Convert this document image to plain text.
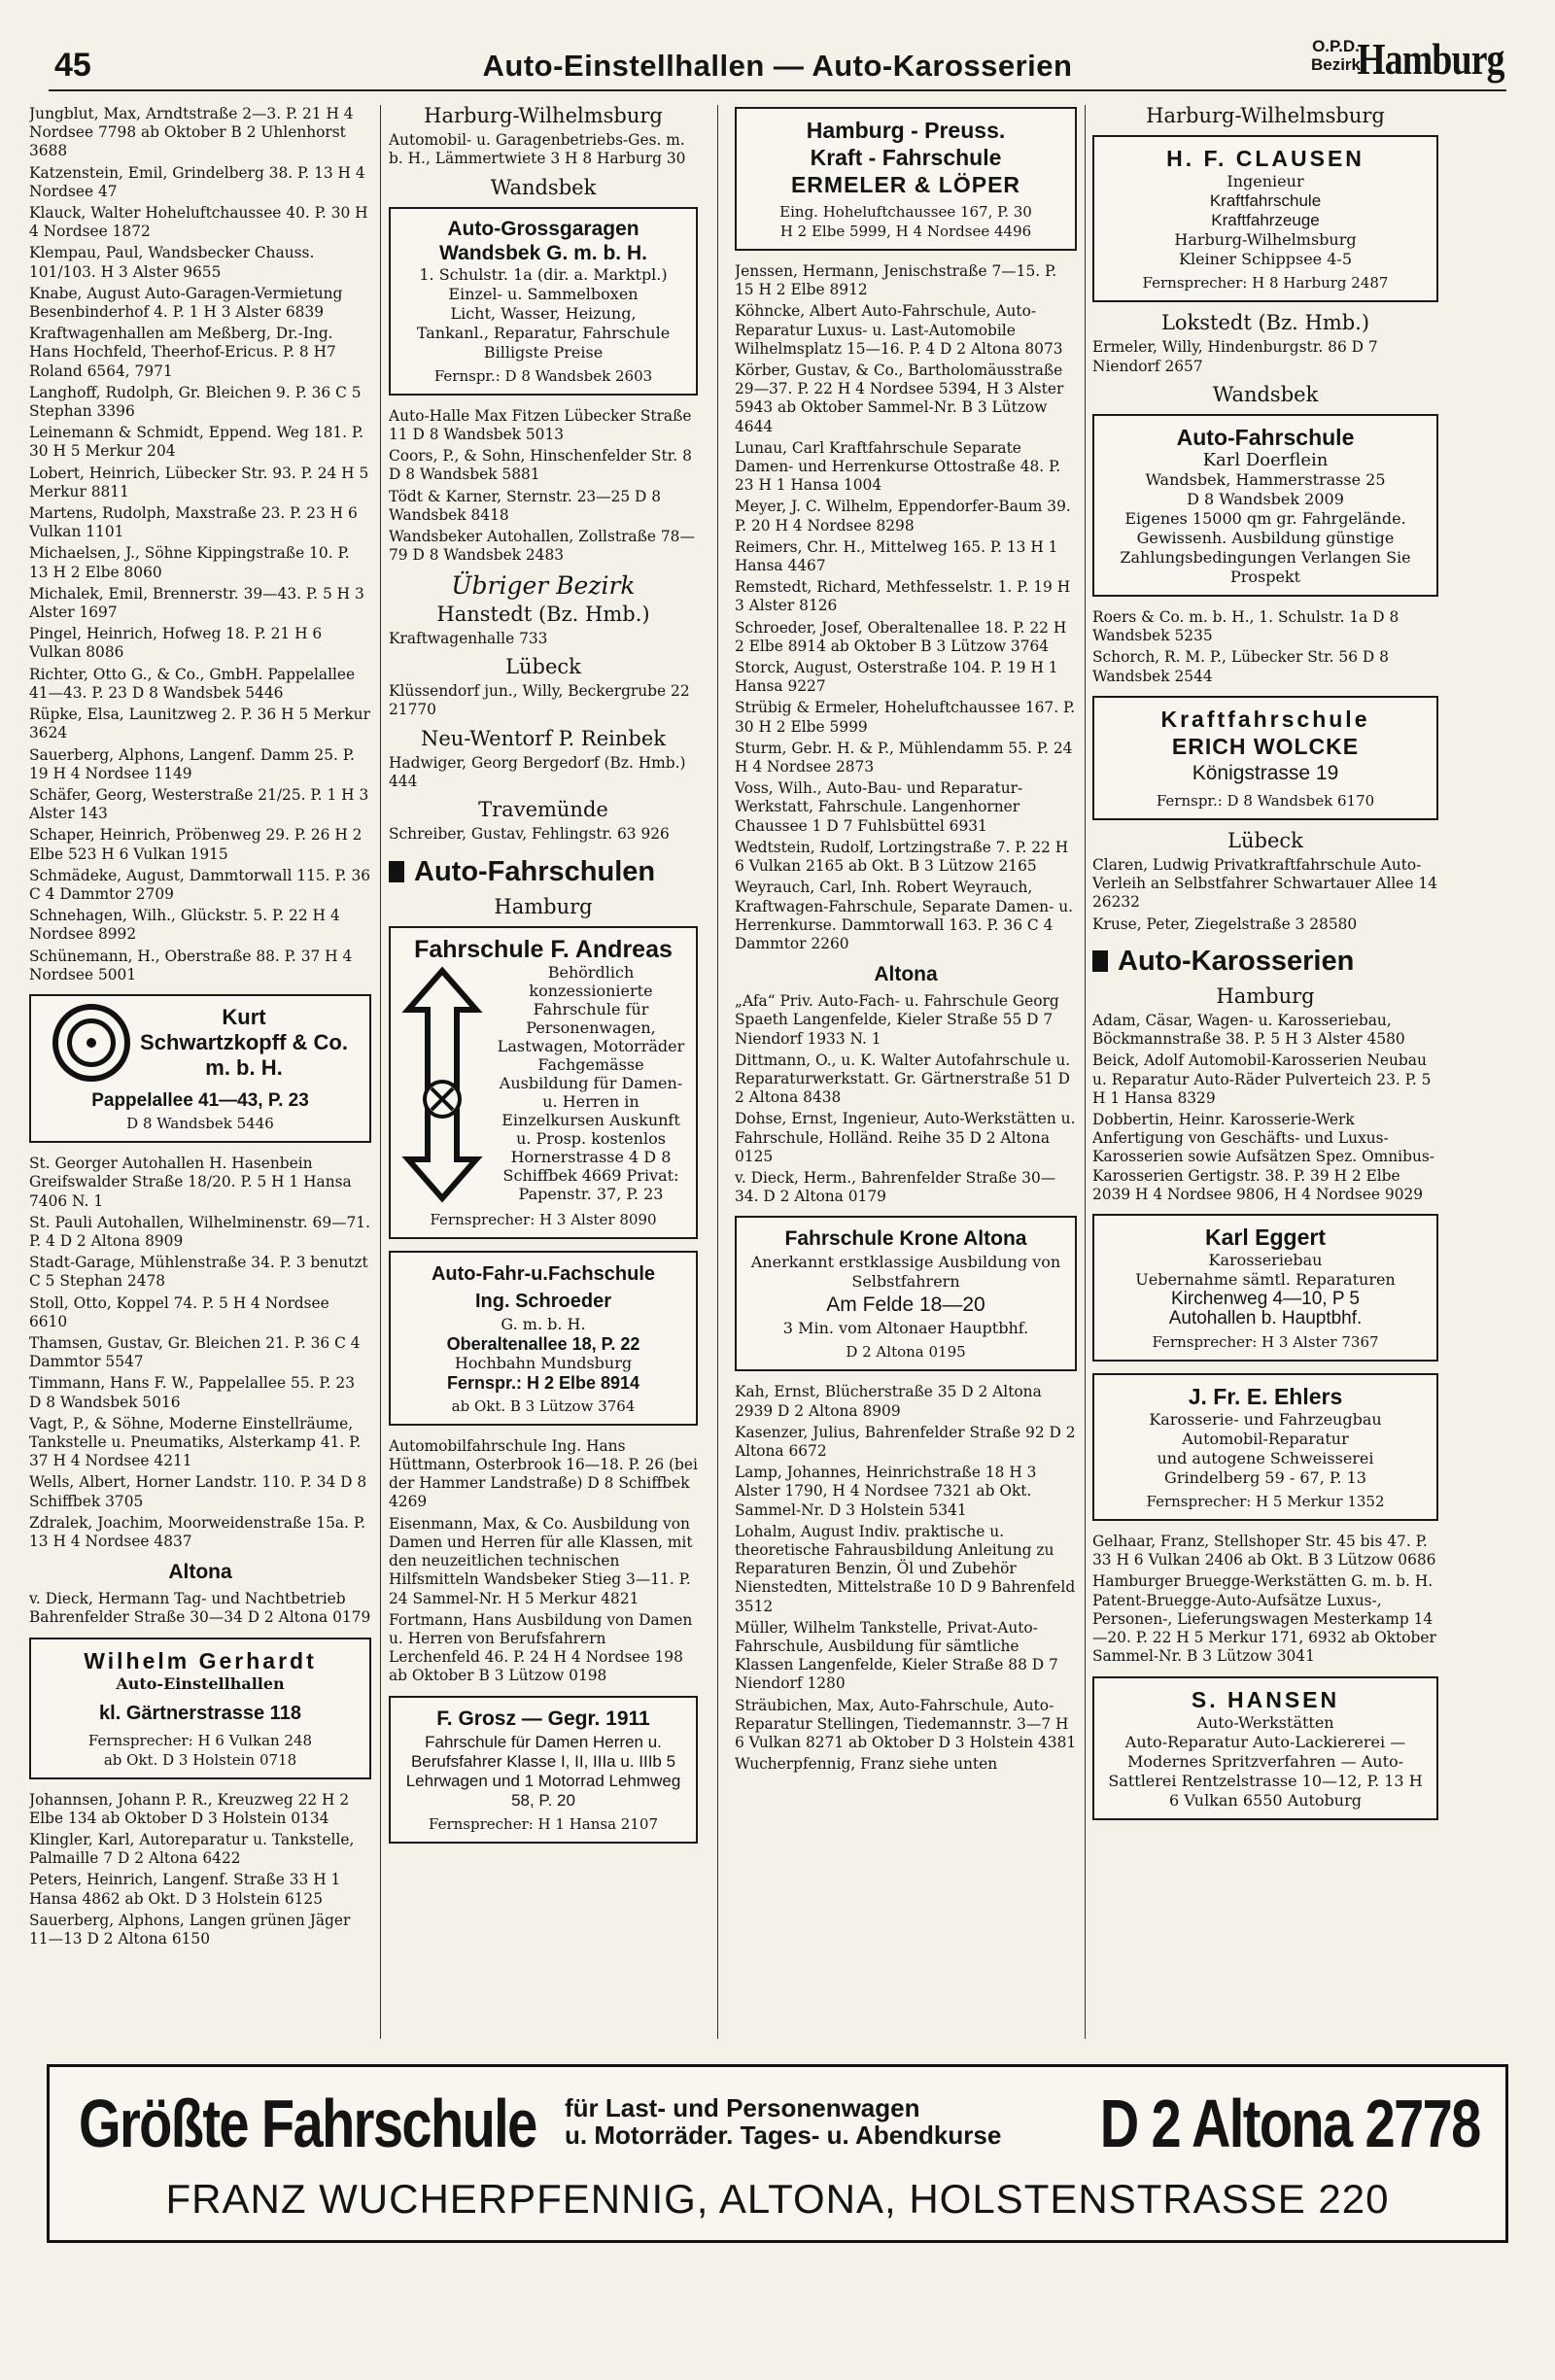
45	Auto-Einstellhallen — Auto-Karosserien
O.P.D.
Bezirk
Hamburg
Jungblut, Max, Arndtstraße 2—3. P. 21 H 4 Nordsee 7798 ab Oktober B 2 Uhlenhorst 3688
Katzenstein, Emil, Grindelberg 38. P. 13 H 4 Nordsee 47
Klauck, Walter Hoheluftchaussee 40. P. 30 H 4 Nordsee 1872
Klempau, Paul, Wandsbecker Chauss. 101/103. H 3 Alster 9655
Knabe, August Auto-Garagen-Vermietung Besenbinderhof 4. P. 1 H 3 Alster 6839
Kraftwagenhallen am Meßberg, Dr.-Ing. Hans Hochfeld, Theerhof-Ericus. P. 8 H7 Roland 6564, 7971
Langhoff, Rudolph, Gr. Bleichen 9. P. 36 C 5 Stephan 3396
Leinemann & Schmidt, Eppend. Weg 181. P. 30 H 5 Merkur 204
Lobert, Heinrich, Lübecker Str. 93. P. 24 H 5 Merkur 8811
Martens, Rudolph, Maxstraße 23. P. 23 H 6 Vulkan 1101
Michaelsen, J., Söhne Kippingstraße 10. P. 13 H 2 Elbe 8060
Michalek, Emil, Brennerstr. 39—43. P. 5 H 3 Alster 1697
Pingel, Heinrich, Hofweg 18. P. 21 H 6 Vulkan 8086
Richter, Otto G., & Co., GmbH. Pappelallee 41—43. P. 23 D 8 Wandsbek 5446
Rüpke, Elsa, Launitzweg 2. P. 36 H 5 Merkur 3624
Sauerberg, Alphons, Langenf. Damm 25. P. 19 H 4 Nordsee 1149
Schäfer, Georg, Westerstraße 21/25. P. 1 H 3 Alster 143
Schaper, Heinrich, Pröbenweg 29. P. 26 H 2 Elbe 523 H 6 Vulkan 1915
Schmädeke, August, Dammtorwall 115. P. 36 C 4 Dammtor 2709
Schnehagen, Wilh., Glückstr. 5. P. 22 H 4 Nordsee 8992
Schünemann, H., Oberstraße 88. P. 37 H 4 Nordsee 5001
Kurt
Schwartzkopff & Co.
m. b. H.
Pappelallee 41—43, P. 23
D 8 Wandsbek 5446
St. Georger Autohallen H. Hasenbein Greifswalder Straße 18/20. P. 5 H 1 Hansa 7406 N. 1
St. Pauli Autohallen, Wilhelminenstr. 69—71. P. 4 D 2 Altona 8909
Stadt-Garage, Mühlenstraße 34. P. 3 benutzt C 5 Stephan 2478
Stoll, Otto, Koppel 74. P. 5 H 4 Nordsee 6610
Thamsen, Gustav, Gr. Bleichen 21. P. 36 C 4 Dammtor 5547
Timmann, Hans F. W., Pappelallee 55. P. 23 D 8 Wandsbek 5016
Vagt, P., & Söhne, Moderne Einstellräume, Tankstelle u. Pneumatiks, Alsterkamp 41. P. 37 H 4 Nordsee 4211
Wells, Albert, Horner Landstr. 110. P. 34 D 8 Schiffbek 3705
Zdralek, Joachim, Moorweidenstraße 15a. P. 13 H 4 Nordsee 4837
Altona
v. Dieck, Hermann Tag- und Nachtbetrieb Bahrenfelder Straße 30—34 D 2 Altona 0179
Wilhelm Gerhardt
Auto-Einstellhallen
kl. Gärtnerstrasse 118
Fernsprecher: H 6 Vulkan 248
ab Okt. D 3 Holstein 0718
Johannsen, Johann P. R., Kreuzweg 22 H 2 Elbe 134 ab Oktober D 3 Holstein 0134
Klingler, Karl, Autoreparatur u. Tankstelle, Palmaille 7 D 2 Altona 6422
Peters, Heinrich, Langenf. Straße 33 H 1 Hansa 4862 ab Okt. D 3 Holstein 6125
Sauerberg, Alphons, Langen grünen Jäger 11—13 D 2 Altona 6150
Harburg-Wilhelmsburg
Automobil- u. Garagenbetriebs-Ges. m. b. H., Lämmertwiete 3 H 8 Harburg 30
Wandsbek
Auto-Grossgaragen Wandsbek G. m. b. H.
1. Schulstr. 1a (dir. a. Marktpl.)
Einzel- u. Sammelboxen
Licht, Wasser, Heizung,
Tankanl., Reparatur, Fahrschule
Billigste Preise
Fernspr.: D 8 Wandsbek 2603
Auto-Halle Max Fitzen Lübecker Straße 11 D 8 Wandsbek 5013
Coors, P., & Sohn, Hinschenfelder Str. 8 D 8 Wandsbek 5881
Tödt & Karner, Sternstr. 23—25 D 8 Wandsbek 8418
Wandsbeker Autohallen, Zollstraße 78—79 D 8 Wandsbek 2483
Übriger Bezirk
Hanstedt (Bz. Hmb.)
Kraftwagenhalle 733
Lübeck
Klüssendorf jun., Willy, Beckergrube 22 21770
Neu-Wentorf P. Reinbek
Hadwiger, Georg Bergedorf (Bz. Hmb.) 444
Travemünde
Schreiber, Gustav, Fehlingstr. 63 926
Auto-Fahrschulen
Hamburg
Fahrschule F. Andreas
Behördlich konzessionierte Fahrschule für Personenwagen, Lastwagen, Motorräder Fachgemässe Ausbildung für Damen- u. Herren in Einzelkursen Auskunft u. Prosp. kostenlos Hornerstrasse 4 D 8 Schiffbek 4669 Privat: Papenstr. 37, P. 23
Fernsprecher: H 3 Alster 8090
Auto-Fahr-u.Fachschule
Ing. Schroeder
G. m. b. H.
Oberaltenallee 18, P. 22
Hochbahn Mundsburg
Fernspr.: H 2 Elbe 8914
ab Okt. B 3 Lützow 3764
Automobilfahrschule Ing. Hans Hüttmann, Osterbrook 16—18. P. 26 (bei der Hammer Landstraße) D 8 Schiffbek 4269
Eisenmann, Max, & Co. Ausbildung von Damen und Herren für alle Klassen, mit den neuzeitlichen technischen Hilfsmitteln Wandsbeker Stieg 3—11. P. 24 Sammel-Nr. H 5 Merkur 4821
Fortmann, Hans Ausbildung von Damen u. Herren von Berufsfahrern Lerchenfeld 46. P. 24 H 4 Nordsee 198 ab Oktober B 3 Lützow 0198
F. Grosz — Gegr. 1911
Fahrschule für Damen Herren u. Berufsfahrer Klasse I, II, IIIa u. IIIb 5 Lehrwagen und 1 Motorrad Lehmweg 58, P. 20
Fernsprecher: H 1 Hansa 2107
Hamburg - Preuss.
Kraft - Fahrschule
ERMELER & LÖPER
Eing. Hoheluftchaussee 167, P. 30
H 2 Elbe 5999, H 4 Nordsee 4496
Jenssen, Hermann, Jenischstraße 7—15. P. 15 H 2 Elbe 8912
Köhncke, Albert Auto-Fahrschule, Auto-Reparatur Luxus- u. Last-Automobile Wilhelmsplatz 15—16. P. 4 D 2 Altona 8073
Körber, Gustav, & Co., Bartholomäusstraße 29—37. P. 22 H 4 Nordsee 5394, H 3 Alster 5943 ab Oktober Sammel-Nr. B 3 Lützow 4644
Lunau, Carl Kraftfahrschule Separate Damen- und Herrenkurse Ottostraße 48. P. 23 H 1 Hansa 1004
Meyer, J. C. Wilhelm, Eppendorfer-Baum 39. P. 20 H 4 Nordsee 8298
Reimers, Chr. H., Mittelweg 165. P. 13 H 1 Hansa 4467
Remstedt, Richard, Methfesselstr. 1. P. 19 H 3 Alster 8126
Schroeder, Josef, Oberaltenallee 18. P. 22 H 2 Elbe 8914 ab Oktober B 3 Lützow 3764
Storck, August, Osterstraße 104. P. 19 H 1 Hansa 9227
Strübig & Ermeler, Hoheluftchaussee 167. P. 30 H 2 Elbe 5999
Sturm, Gebr. H. & P., Mühlendamm 55. P. 24 H 4 Nordsee 2873
Voss, Wilh., Auto-Bau- und Reparatur-Werkstatt, Fahrschule. Langenhorner Chaussee 1 D 7 Fuhlsbüttel 6931
Wedtstein, Rudolf, Lortzingstraße 7. P. 22 H 6 Vulkan 2165 ab Okt. B 3 Lützow 2165
Weyrauch, Carl, Inh. Robert Weyrauch, Kraftwagen-Fahrschule, Separate Damen- u. Herrenkurse. Dammtorwall 163. P. 36 C 4 Dammtor 2260
Altona
„Afa“ Priv. Auto-Fach- u. Fahrschule Georg Spaeth Langenfelde, Kieler Straße 55 D 7 Niendorf 1933 N. 1
Dittmann, O., u. K. Walter Autofahrschule u. Reparaturwerkstatt. Gr. Gärtnerstraße 51 D 2 Altona 8438
Dohse, Ernst, Ingenieur, Auto-Werkstätten u. Fahrschule, Holländ. Reihe 35 D 2 Altona 0125
v. Dieck, Herm., Bahrenfelder Straße 30—34. D 2 Altona 0179
Fahrschule Krone Altona
Anerkannt erstklassige Ausbildung von Selbstfahrern
Am Felde 18—20
3 Min. vom Altonaer Hauptbhf.
D 2 Altona 0195
Kah, Ernst, Blücherstraße 35 D 2 Altona 2939 D 2 Altona 8909
Kasenzer, Julius, Bahrenfelder Straße 92 D 2 Altona 6672
Lamp, Johannes, Heinrichstraße 18 H 3 Alster 1790, H 4 Nordsee 7321 ab Okt. Sammel-Nr. D 3 Holstein 5341
Lohalm, August Indiv. praktische u. theoretische Fahrausbildung Anleitung zu Reparaturen Benzin, Öl und Zubehör Nienstedten, Mittelstraße 10 D 9 Bahrenfeld 3512
Müller, Wilhelm Tankstelle, Privat-Auto-Fahrschule, Ausbildung für sämtliche Klassen Langenfelde, Kieler Straße 88 D 7 Niendorf 1280
Sträubichen, Max, Auto-Fahrschule, Auto-Reparatur Stellingen, Tiedemannstr. 3—7 H 6 Vulkan 8271 ab Oktober D 3 Holstein 4381
Wucherpfennig, Franz siehe unten
Harburg-Wilhelmsburg
H. F. CLAUSEN
Ingenieur
Kraftfahrschule
Kraftfahrzeuge
Harburg-Wilhelmsburg
Kleiner Schippsee 4-5
Fernsprecher: H 8 Harburg 2487
Lokstedt (Bz. Hmb.)
Ermeler, Willy, Hindenburgstr. 86 D 7 Niendorf 2657
Wandsbek
Auto-Fahrschule
Karl Doerflein
Wandsbek, Hammerstrasse 25
D 8 Wandsbek 2009
Eigenes 15000 qm gr. Fahrgelände. Gewissenh. Ausbildung günstige Zahlungsbedingungen Verlangen Sie Prospekt
Roers & Co. m. b. H., 1. Schulstr. 1a D 8 Wandsbek 5235
Schorch, R. M. P., Lübecker Str. 56 D 8 Wandsbek 2544
Kraftfahrschule
ERICH WOLCKE
Königstrasse 19
Fernspr.: D 8 Wandsbek 6170
Lübeck
Claren, Ludwig Privatkraftfahrschule Auto-Verleih an Selbstfahrer Schwartauer Allee 14 26232
Kruse, Peter, Ziegelstraße 3 28580
Auto-Karosserien
Hamburg
Adam, Cäsar, Wagen- u. Karosseriebau, Böckmannstraße 38. P. 5 H 3 Alster 4580
Beick, Adolf Automobil-Karosserien Neubau u. Reparatur Auto-Räder Pulverteich 23. P. 5 H 1 Hansa 8329
Dobbertin, Heinr. Karosserie-Werk Anfertigung von Geschäfts- und Luxus-Karosserien sowie Aufsätzen Spez. Omnibus-Karosserien Gertigstr. 38. P. 39 H 2 Elbe 2039 H 4 Nordsee 9806, H 4 Nordsee 9029
Karl Eggert
Karosseriebau
Uebernahme sämtl. Reparaturen
Kirchenweg 4—10, P 5
Autohallen b. Hauptbhf.
Fernsprecher: H 3 Alster 7367
J. Fr. E. Ehlers
Karosserie- und Fahrzeugbau
Automobil-Reparatur
und autogene Schweisserei
Grindelberg 59 - 67, P. 13
Fernsprecher: H 5 Merkur 1352
Gelhaar, Franz, Stellshoper Str. 45 bis 47. P. 33 H 6 Vulkan 2406 ab Okt. B 3 Lützow 0686
Hamburger Bruegge-Werkstätten G. m. b. H. Patent-Bruegge-Auto-Aufsätze Luxus-, Personen-, Lieferungswagen Mesterkamp 14—20. P. 22 H 5 Merkur 171, 6932 ab Oktober Sammel-Nr. B 3 Lützow 3041
S. HANSEN
Auto-Werkstätten
Auto-Reparatur Auto-Lackiererei — Modernes Spritzverfahren — Auto-Sattlerei Rentzelstrasse 10—12, P. 13 H 6 Vulkan 6550 Autoburg
Größte Fahrschule für Last- und Personenwagen
u. Motorräder. Tages- u. Abendkurse D 2 Altona 2778
FRANZ WUCHERPFENNIG, ALTONA, HOLSTENSTRASSE 220
